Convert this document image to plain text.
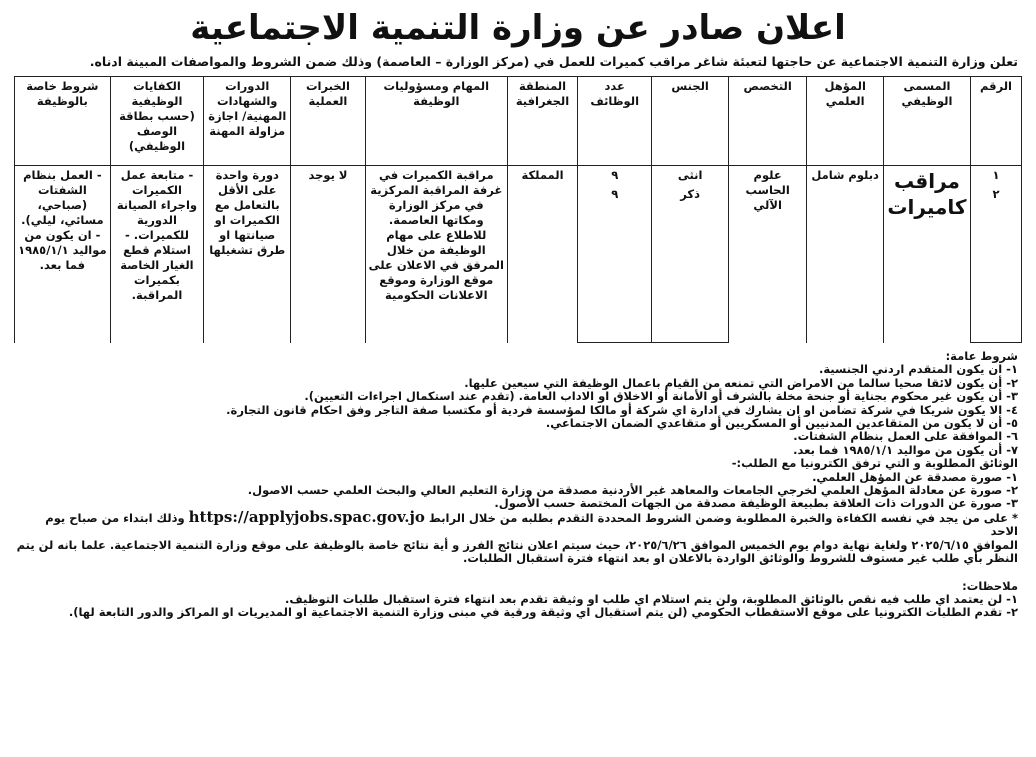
اعلان صادر عن وزارة التنمية الاجتماعية
تعلن وزارة التنمية الاجتماعية عن حاجتها لتعبئة شاغر مراقب كميرات للعمل في (مركز الوزارة – العاصمة) وذلك ضمن الشروط والمواصفات المبينة ادناه.
الرقم	المسمى الوظيفي	المؤهل العلمي	التخصص	الجنس	عدد الوظائف	المنطقة الجغرافية	المهام ومسؤوليات الوظيفة	الخبرات العملية	الدورات والشهادات المهنية/ اجازة مزاولة المهنة	الكفايات الوظيفية (حسب بطاقة الوصف الوظيفي)	شروط خاصة بالوظيفة
١	مراقب كاميرات	دبلوم شامل	علوم الحاسب الآلي	انثى	٩	المملكة	مراقبة الكميرات في غرفة المراقبة المركزية في مركز الوزارة ومكاتها العاصمة. للاطلاع على مهام الوظيفة من خلال المرفق في الاعلان على موقع الوزارة وموقع الاعلانات الحكومية	لا يوجد	دورة واحدة على الأقل بالتعامل مع الكميرات او صيانتها او طرق تشغيلها	- متابعة عمل الكميرات واجراء الصيانة الدورية للكميرات. - استلام قطع الغيار الخاصة بكميرات المراقبة.	- العمل بنظام الشفتات (صباحي، مسائي، ليلي). - ان يكون من مواليد ١٩٨٥/١/١ فما بعد.
٢				ذكر	٩						

شروط عامة:

١- ان يكون المتقدم اردني الجنسية.

٢- أن يكون لائقا صحيا سالما من الامراض التي تمنعه من القيام باعمال الوظيفة التي سيعين عليها.

٣- أن يكون غير محكوم بجناية أو جنحة مخلة بالشرف أو الأمانة أو الاخلاق او الاداب العامة. (تقدم عند استكمال اجراءات التعيين).

٤- الا يكون شريكا في شركة تضامن او ان يشارك في ادارة اي شركة أو مالكا لمؤسسة فردية أو مكتسبا صفة التاجر وفق احكام قانون التجارة.

٥- أن لا يكون من المتقاعدين المدنيين أو المسكريين أو متقاعدي الضمان الاجتماعي.

٦- الموافقة على العمل بنظام الشفتات.

٧- أن يكون من مواليد ١٩٨٥/١/١ فما بعد.

الوثائق المطلوبة و التي ترفق الكترونيا مع الطلب:-

١- صورة مصدقة عن المؤهل العلمي.

٢- صورة عن معادلة المؤهل العلمي لخرجي الجامعات والمعاهد غير الأردنية مصدقة من وزارة التعليم العالي والبحث العلمي حسب الاصول.

٣- صورة عن الدورات ذات العلاقة بطبيعة الوظيفة مصدقة من الجهات المختصة حسب الأصول.

* على من يجد في نفسه الكفاءة والخبرة المطلوبة وضمن الشروط المحددة التقدم بطلبه من خلال الرابط https://applyjobs.spac.gov.jo وذلك ابتداء من صباح يوم الاحد

الموافق ٢٠٢٥/٦/١٥ ولغاية نهاية دوام يوم الخميس الموافق ٢٠٢٥/٦/٢٦، حيث سيتم اعلان نتائج الفرز و أية نتائج خاصة بالوظيفة على موقع وزارة التنمية الاجتماعية. علما بانه لن يتم

النظر بأي طلب غير مستوف للشروط والوثائق الواردة بالاعلان او بعد انتهاء فترة استقبال الطلبات.

ملاحظات:

١- لن يعتمد اي طلب فيه نقص بالوثائق المطلوبة، ولن يتم استلام اي طلب او وثيقة تقدم بعد انتهاء فترة استقبال طلبات التوظيف.

٢- تقدم الطلبات الكترونيا على موقع الاستقطاب الحكومي (لن يتم استقبال اي وثيقة ورقية في مبنى وزارة التنمية الاجتماعية او المديريات او المراكز والدور التابعة لها).
